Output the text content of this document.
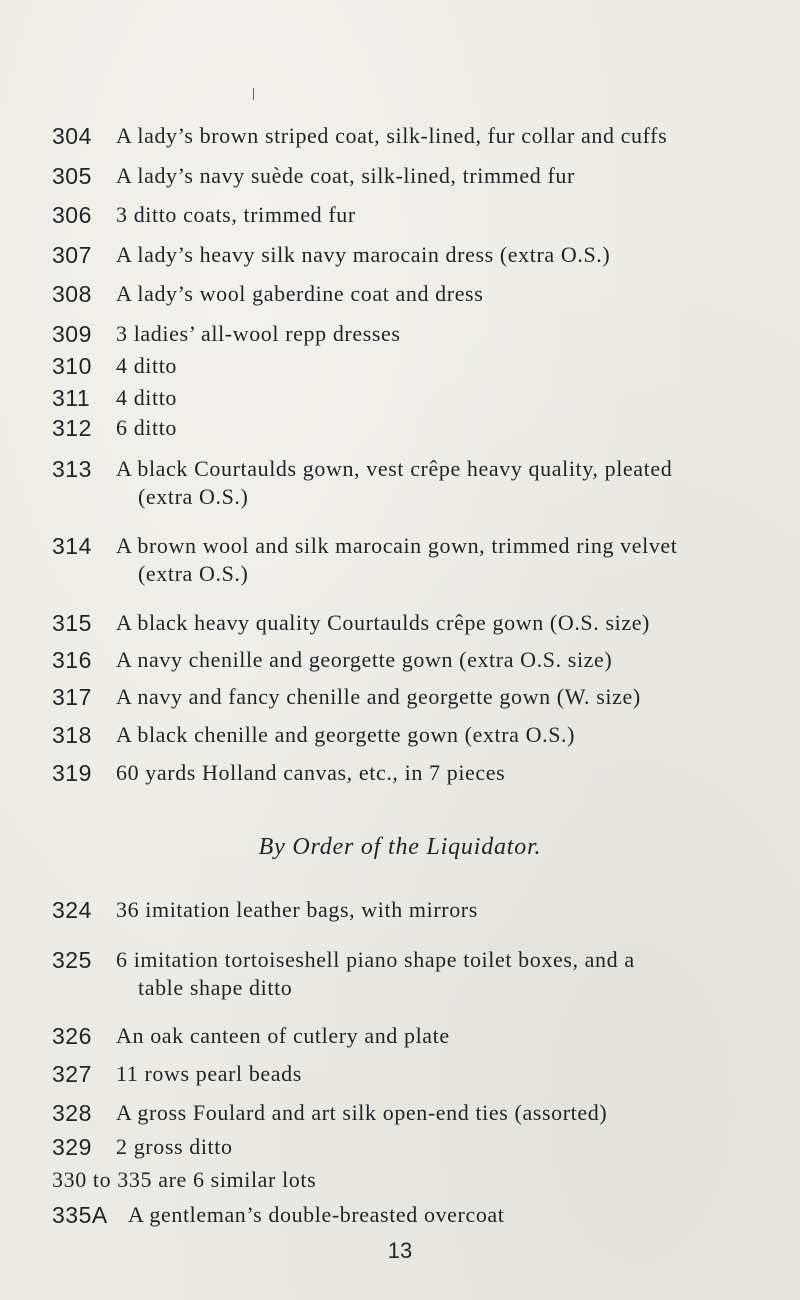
304 A lady’s brown striped coat, silk-lined, fur collar and cuffs
305 A lady’s navy suède coat, silk-lined, trimmed fur
306 3 ditto coats, trimmed fur
307 A lady’s heavy silk navy marocain dress (extra O.S.)
308 A lady’s wool gaberdine coat and dress
309 3 ladies’ all-wool repp dresses
310 4 ditto
311 4 ditto
312 6 ditto
313 A black Courtaulds gown, vest crêpe heavy quality, pleated

(extra O.S.)
314 A brown wool and silk marocain gown, trimmed ring velvet

(extra O.S.)
315 A black heavy quality Courtaulds crêpe gown (O.S. size)
316 A navy chenille and georgette gown (extra O.S. size)
317 A navy and fancy chenille and georgette gown (W. size)
318 A black chenille and georgette gown (extra O.S.)
319 60 yards Holland canvas, etc., in 7 pieces
By Order of the Liquidator.
324 36 imitation leather bags, with mirrors
325 6 imitation tortoiseshell piano shape toilet boxes, and a

table shape ditto
326 An oak canteen of cutlery and plate
327 11 rows pearl beads
328 A gross Foulard and art silk open-end ties (assorted)
329 2 gross ditto
330 to 335 are 6 similar lots
335A A gentleman’s double-breasted overcoat
13
